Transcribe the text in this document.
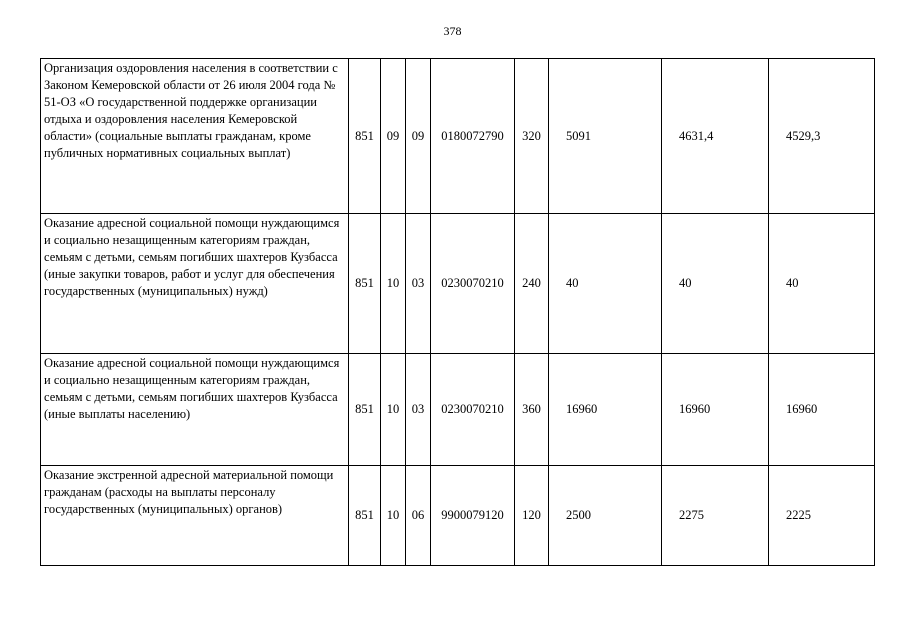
378
Организация оздоровления населения в соответствии с Законом Кемеровской области от 26 июля 2004 года № 51-ОЗ «О государственной поддержке организации отдыха и оздоровления населения Кемеровской области» (социальные выплаты гражданам, кроме публичных нормативных социальных выплат)	851	09	09	0180072790	320	5091	4631,4	4529,3
Оказание адресной социальной помощи нуждающимся и социально незащищенным категориям граждан, семьям с детьми, семьям погибших шахтеров Кузбасса (иные закупки товаров, работ и услуг для обеспечения государственных (муниципальных) нужд)	851	10	03	0230070210	240	40	40	40
Оказание адресной социальной помощи нуждающимся и социально незащищенным категориям граждан, семьям с детьми, семьям погибших шахтеров Кузбасса (иные выплаты населению)	851	10	03	0230070210	360	16960	16960	16960
Оказание экстренной адресной материальной помощи гражданам (расходы на выплаты персоналу государственных (муниципальных) органов)	851	10	06	9900079120	120	2500	2275	2225
